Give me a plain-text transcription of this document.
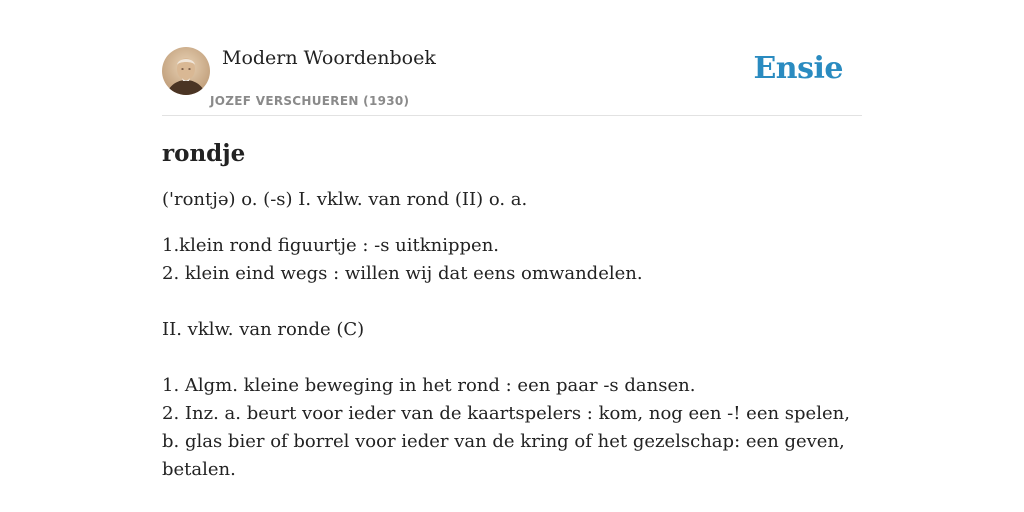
Modern Woordenboek
JOZEF VERSCHUEREN (1930)
Ensie
rondje

('rontjə) o. (-s) I. vklw. van rond (II) o. a.

1.klein rond figuurtje : -s uitknippen.
2. klein eind wegs : willen wij dat eens omwandelen.
II. vklw. van ronde (C)
1. Algm. kleine beweging in het rond : een paar -s dansen.
2. Inz. a. beurt voor ieder van de kaartspelers : kom, nog een -! een spelen, b. glas bier of borrel voor ieder van de kring of het gezelschap: een geven, betalen.
